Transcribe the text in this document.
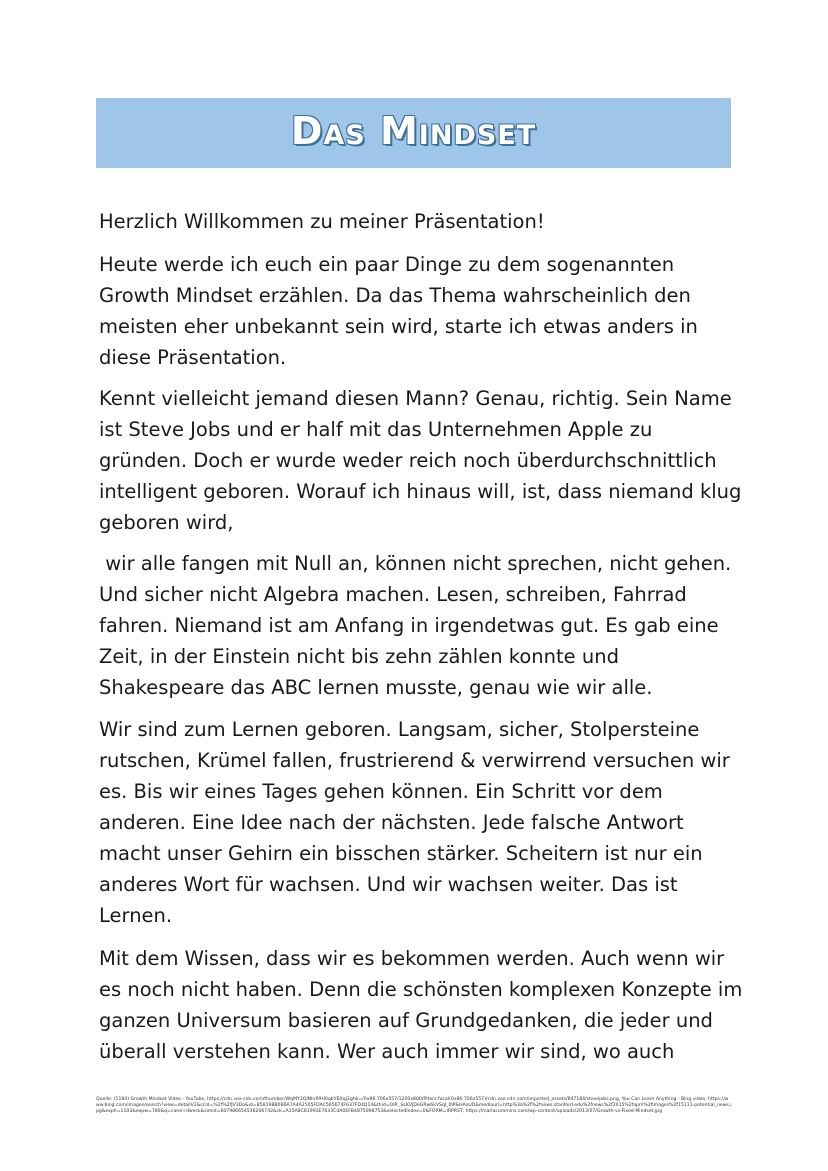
Das Mindset

Herzlich Willkommen zu meiner Präsentation!

Heute werde ich euch ein paar Dinge zu dem sogenannten
Growth Mindset erzählen. Da das Thema wahrscheinlich den
meisten eher unbekannt sein wird, starte ich etwas anders in
diese Präsentation.

Kennt vielleicht jemand diesen Mann? Genau, richtig. Sein Name
ist Steve Jobs und er half mit das Unternehmen Apple zu
gründen. Doch er wurde weder reich noch überdurchschnittlich
intelligent geboren. Worauf ich hinaus will, ist, dass niemand klug
geboren wird,

wir alle fangen mit Null an, können nicht sprechen, nicht gehen.
Und sicher nicht Algebra machen. Lesen, schreiben, Fahrrad
fahren. Niemand ist am Anfang in irgendetwas gut. Es gab eine
Zeit, in der Einstein nicht bis zehn zählen konnte und
Shakespeare das ABC lernen musste, genau wie wir alle.

Wir sind zum Lernen geboren. Langsam, sicher, Stolpersteine
rutschen, Krümel fallen, frustrierend & verwirrend versuchen wir
es. Bis wir eines Tages gehen können. Ein Schritt vor dem
anderen. Eine Idee nach der nächsten. Jede falsche Antwort
macht unser Gehirn ein bisschen stärker. Scheitern ist nur ein
anderes Wort für wachsen. Und wir wachsen weiter. Das ist
Lernen.

Mit dem Wissen, dass wir es bekommen werden. Auch wenn wir
es noch nicht haben. Denn die schönsten komplexen Konzepte im
ganzen Universum basieren auf Grundgedanken, die jeder und
überall verstehen kann. Wer auch immer wir sind, wo auch

Quelle: (1184) Growth Mindset Video - YouTube, https://cdn.vox-cdn.com/thumbor/WqMY2QlNtv99H0qbYBXqj2ghk=/0x86:706x557/1200x800/filters:focal(0x86:706x557)/cdn.vox-cdn.com/imported_assets/847184/stevejobs.png, You Can Learn Anything - Bing video, https://www.bing.com/images/search?view=detailV2&ccid=%2f%2fJV3Do&id=B58198B0B6A7A4A2505FDAC565674F637FD4D14&thid=OIP._SLKVJDeGRw6kVSqI_0IP&HAoUD&mediaurl=http%3a%2f%2fnews.stanford.edu%2fnews%2f2015%2fapril%2fimages%2f15111-potential_news.jpg&exph=1103&expw=780&q=carol+dweck&simid=607986654536206742&ck=A15A8C81993E7633C4A0EFB4875098753&selectedIndex=0&FORM=IRPRST, https://marlacummins.com/wp-content/uploads/2013/07/Growth-vs-Fixed-Mindset.jpg
